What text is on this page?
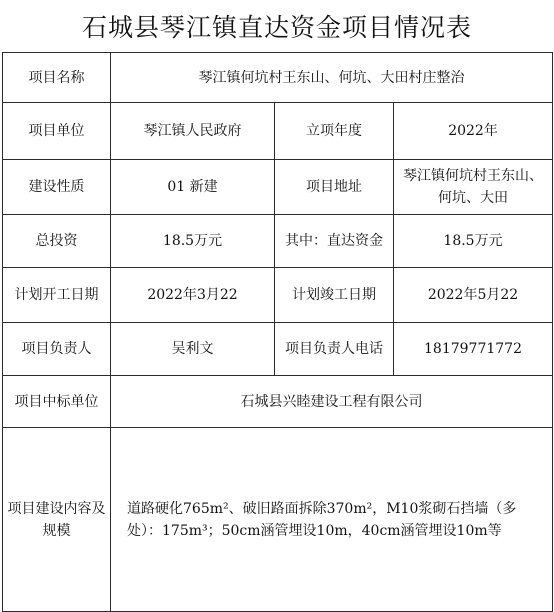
石城县琴江镇直达资金项目情况表
项目名称	琴江镇何坑村王东山、何坑、大田村庄整治		
项目单位	琴江镇人民政府	立项年度	2022年
建设性质	01 新建	项目地址	琴江镇何坑村王东山、何坑、大田
总投资	18.5万元	其中：直达资金	18.5万元
计划开工日期	2022年3月22	计划竣工日期	2022年5月22
项目负责人	吴利文	项目负责人电话	18179771772
项目中标单位	石城县兴睦建设工程有限公司		
项目建设内容及规模	道路硬化765m²、破旧路面拆除370m²，M10浆砌石挡墙（多处）：175m³；50cm涵管埋设10m，40cm涵管埋设10m等		
